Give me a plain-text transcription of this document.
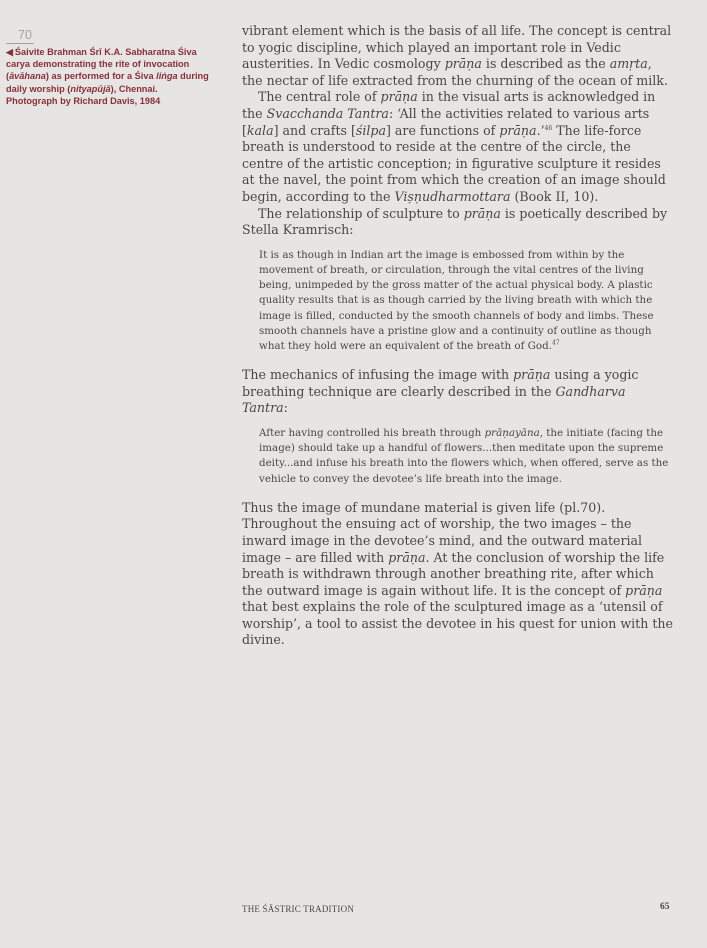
70
◀ Śaivite Brahman Śrī K.A. Sabharatna Śiva carya demonstrating the rite of invocation (āvāhana) as performed for a Śiva liṅga during daily worship (nityapūjā), Chennai. Photograph by Richard Davis, 1984

vibrant element which is the basis of all life. The concept is central to yogic discipline, which played an important role in Vedic austerities. In Vedic cosmology prāṇa is described as the amṛta, the nectar of life extracted from the churning of the ocean of milk.

The central role of prāṇa in the visual arts is acknowledged in the Svacchanda Tantra: ‘All the activities related to various arts [kala] and crafts [śilpa] are functions of prāṇa.’$^{46}$ The life-force breath is understood to reside at the centre of the circle, the centre of the artistic conception; in figurative sculpture it resides at the navel, the point from which the creation of an image should begin, according to the Viṣṇudharmottara (Book II, 10).

The relationship of sculpture to prāṇa is poetically described by Stella Kramrisch:

It is as though in Indian art the image is embossed from within by the movement of breath, or circulation, through the vital centres of the living being, unimpeded by the gross matter of the actual physical body. A plastic quality results that is as though carried by the living breath with which the image is filled, conducted by the smooth channels of body and limbs. These smooth channels have a pristine glow and a continuity of outline as though what they hold were an equivalent of the breath of God.$^{47}$

The mechanics of infusing the image with prāṇa using a yogic breathing technique are clearly described in the Gandharva Tantra:

After having controlled his breath through prāṇayāna, the initiate (facing the image) should take up a handful of flowers...then meditate upon the supreme deity...and infuse his breath into the flowers which, when offered, serve as the vehicle to convey the devotee’s life breath into the image.

Thus the image of mundane material is given life (pl.70). Throughout the ensuing act of worship, the two images – the inward image in the devotee’s mind, and the outward material image – are filled with prāṇa. At the conclusion of worship the life breath is withdrawn through another breathing rite, after which the outward image is again without life. It is the concept of prāṇa that best explains the role of the sculptured image as a ‘utensil of worship’, a tool to assist the devotee in his quest for union with the divine.

THE ŚĀSTRIC TRADITION	65
